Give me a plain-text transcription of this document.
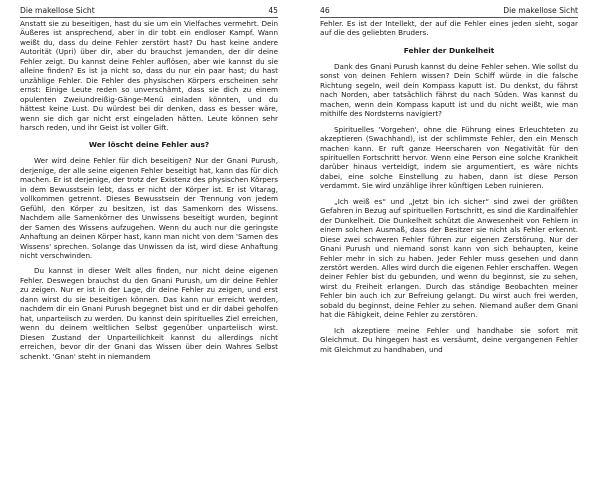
Die makellose Sicht	45

Anstatt sie zu beseitigen, hast du sie um ein Vielfaches vermehrt. Dein Äußeres ist ansprechend, aber in dir tobt ein endloser Kampf. Wann weißt du, dass du deine Fehler zerstört hast? Du hast keine andere Autorität (Upri) über dir, aber du brauchst jemanden, der dir deine Fehler zeigt. Du kannst deine Fehler auflösen, aber wie kannst du sie alleine finden? Es ist ja nicht so, dass du nur ein paar hast; du hast unzählige Fehler. Die Fehler des physischen Körpers erscheinen sehr ernst: Einige Leute reden so unverschämt, dass sie dich zu einem opulenten Zweiundreißig-Gänge-Menü einladen könnten, und du hättest keine Lust. Du würdest bei dir denken, dass es besser wäre, wenn sie dich gar nicht erst eingeladen hätten. Leute können sehr harsch reden, und ihr Geist ist voller Gift.

Wer löscht deine Fehler aus?

Wer wird deine Fehler für dich beseitigen? Nur der Gnani Purush, derjenige, der alle seine eigenen Fehler beseitigt hat, kann das für dich machen. Er ist derjenige, der trotz der Existenz des physischen Körpers in dem Bewusstsein lebt, dass er nicht der Körper ist. Er ist Vitarag, vollkommen getrennt. Dieses Bewusstsein der Trennung von jedem Gefühl, den Körper zu besitzen, ist das Samenkorn des Wissens. Nachdem alle Samenkörner des Unwissens beseitigt wurden, beginnt der Samen des Wissens aufzugehen. Wenn du auch nur die geringste Anhaftung an deinen Körper hast, kann man nicht von dem 'Samen des Wissens' sprechen. Solange das Unwissen da ist, wird diese Anhaftung nicht verschwinden.

Du kannst in dieser Welt alles finden, nur nicht deine eigenen Fehler. Deswegen brauchst du den Gnani Purush, um dir deine Fehler zu zeigen. Nur er ist in der Lage, dir deine Fehler zu zeigen, und erst dann wirst du sie beseitigen können. Das kann nur erreicht werden, nachdem dir ein Gnani Purush begegnet bist und er dir dabei geholfen hat, unparteiisch zu werden. Du kannst dein spirituelles Ziel erreichen, wenn du deinem weltlichen Selbst gegenüber unparteiisch wirst. Diesen Zustand der Unparteilichkeit kannst du allerdings nicht erreichen, bevor dir der Gnani das Wissen über dein Wahres Selbst schenkt. 'Gnan' steht in niemandem

46	Die makellose Sicht

Fehler. Es ist der Intellekt, der auf die Fehler eines jeden sieht, sogar auf die des geliebten Bruders.

Fehler der Dunkelheit

Dank des Gnani Purush kannst du deine Fehler sehen. Wie sollst du sonst von deinen Fehlern wissen? Dein Schiff würde in die falsche Richtung segeln, weil dein Kompass kaputt ist. Du denkst, du fährst nach Norden, aber tatsächlich fährst du nach Süden. Was kannst du machen, wenn dein Kompass kaputt ist und du nicht weißt, wie man mithilfe des Nordsterns navigiert?

Spirituelles 'Vorgehen', ohne die Führung eines Erleuchteten zu akzeptieren (Swachhand), ist der schlimmste Fehler, den ein Mensch machen kann. Er ruft ganze Heerscharen von Negativität für den spirituellen Fortschritt hervor. Wenn eine Person eine solche Krankheit darüber hinaus verteidigt, indem sie argumentiert, es wäre nichts dabei, eine solche Einstellung zu haben, dann ist diese Person verdammt. Sie wird unzählige ihrer künftigen Leben ruinieren.

„Ich weiß es“ und „Jetzt bin ich sicher“ sind zwei der größten Gefahren in Bezug auf spirituellen Fortschritt, es sind die Kardinalfehler der Dunkelheit. Die Dunkelheit schützt die Anwesenheit von Fehlern in einem solchen Ausmaß, dass der Besitzer sie nicht als Fehler erkennt. Diese zwei schweren Fehler führen zur eigenen Zerstörung. Nur der Gnani Purush und niemand sonst kann von sich behaupten, keine Fehler mehr in sich zu haben. Jeder Fehler muss gesehen und dann zerstört werden. Alles wird durch die eigenen Fehler erschaffen. Wegen deiner Fehler bist du gebunden, und wenn du beginnst, sie zu sehen, wirst du Freiheit erlangen. Durch das ständige Beobachten meiner Fehler bin auch ich zur Befreiung gelangt. Du wirst auch frei werden, sobald du beginnst, deine Fehler zu sehen. Niemand außer dem Gnani hat die Fähigkeit, deine Fehler zu zerstören.

Ich akzeptiere meine Fehler und handhabe sie sofort mit Gleichmut. Du hingegen hast es versäumt, deine vergangenen Fehler mit Gleichmut zu handhaben, und
